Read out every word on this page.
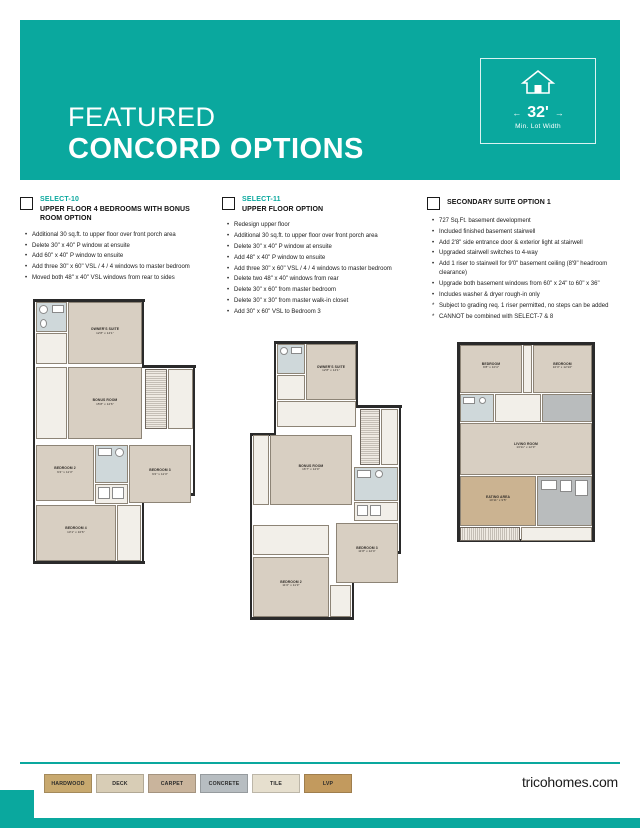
FEATURED
CONCORD OPTIONS
← 32' →
Min. Lot Width
SELECT-10
UPPER FLOOR 4 BEDROOMS WITH BONUS ROOM OPTION
• Additional 30 sq.ft. to upper floor over front porch area
• Delete 30" x 40" P window at ensuite
• Add 60" x 40" P window to ensuite
• Add three 30" x 60" VSL / 4 / 4 windows to master bedroom
• Moved both 48" x 40" VSL windows from rear to sides
OWNER'S SUITE
12'8" x 14'1"
BONUS ROOM
15'8" x 12'6"
BEDROOM 2
9'4" x 11'3"	BEDROOM 3
9'2" x 11'3"
BEDROOM 4
13'1" x 10'6"
SELECT-11
UPPER FLOOR OPTION
• Redesign upper floor
• Additional 30 sq.ft. to upper floor over front porch area
• Delete 30" x 40" P window at ensuite
• Add 48" x 40" P window to ensuite
• Add three 30" x 60" VSL / 4 / 4 windows to master bedroom
• Delete two 48" x 40" windows from rear
• Delete 30" x 60" from master bedroom
• Delete 30" x 30" from master walk-in closet
• Add 30" x 60" VSL to Bedroom 3
OWNER'S SUITE
12'8" x 14'1"
BONUS ROOM
16'7" x 12'0"
BEDROOM 3
11'8" x 12'4"
BEDROOM 2
11'0" x 11'3"
SECONDARY SUITE OPTION 1
• 727 Sq.Ft. basement development
• Included finished basement stairwell
• Add 2'8" side entrance door & exterior light at stairwell
• Upgraded stairwell switches to 4-way
• Add 1 riser to stairwell for 9'0" basement ceiling (8'9" headroom clearance)
• Upgrade both basement windows from 60" x 24" to 60" x 36"
• Includes washer & dryer rough-in only
* Subject to grading req. 1 riser permitted, no steps can be added
* CANNOT be combined with SELECT-7 & 8
BEDROOM
9'8" x 10'4"
BEDROOM
10'3" x 12'10"
LIVING ROOM
13'11" x 12'3"
EATING AREA
10'11" x 9'5"
HARDWOOD	DECK	CARPET	CONCRETE	TILE	LVP	tricohomes.com
